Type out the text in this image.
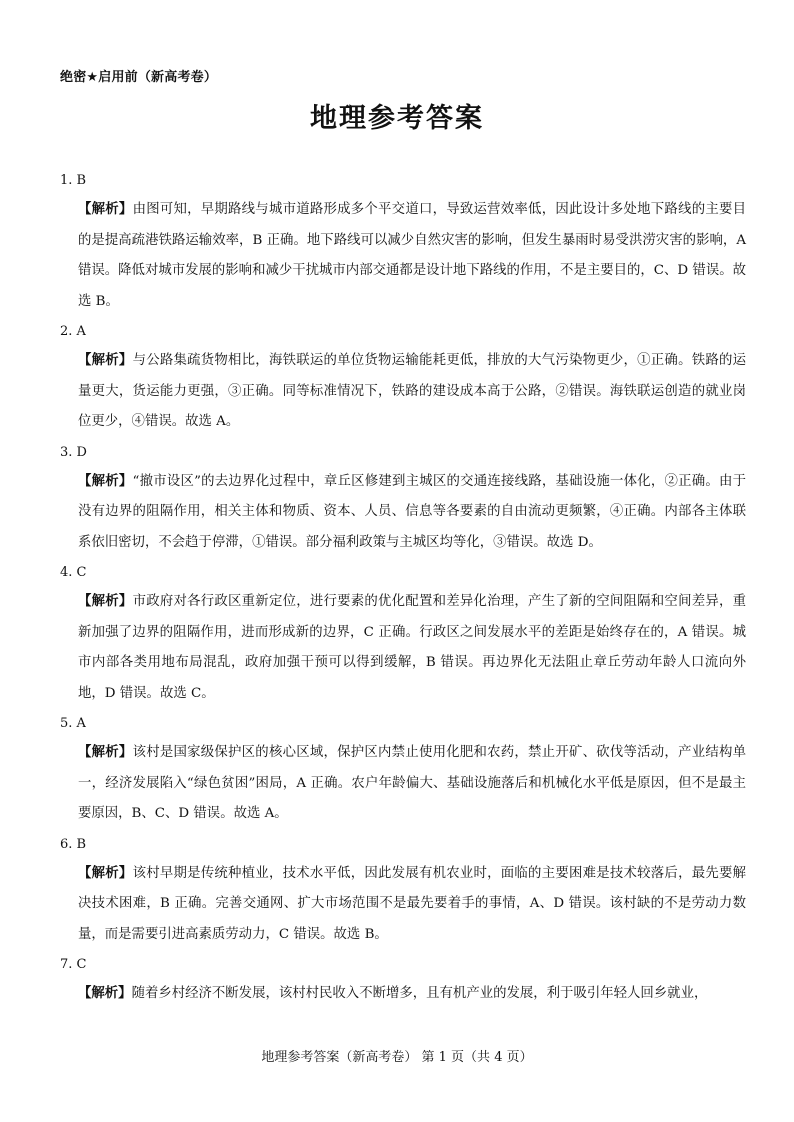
绝密★启用前（新高考卷）
地理参考答案
1. B
【解析】由图可知，早期路线与城市道路形成多个平交道口，导致运营效率低，因此设计多处地下路线的主要目的是提高疏港铁路运输效率，B 正确。地下路线可以减少自然灾害的影响，但发生暴雨时易受洪涝灾害的影响，A 错误。降低对城市发展的影响和减少干扰城市内部交通都是设计地下路线的作用，不是主要目的，C、D 错误。故选 B。
2. A
【解析】与公路集疏货物相比，海铁联运的单位货物运输能耗更低，排放的大气污染物更少，①正确。铁路的运量更大，货运能力更强，③正确。同等标准情况下，铁路的建设成本高于公路，②错误。海铁联运创造的就业岗位更少，④错误。故选 A。
3. D
【解析】“撤市设区”的去边界化过程中，章丘区修建到主城区的交通连接线路，基础设施一体化，②正确。由于没有边界的阻隔作用，相关主体和物质、资本、人员、信息等各要素的自由流动更频繁，④正确。内部各主体联系依旧密切，不会趋于停滞，①错误。部分福利政策与主城区均等化，③错误。故选 D。
4. C
【解析】市政府对各行政区重新定位，进行要素的优化配置和差异化治理，产生了新的空间阻隔和空间差异，重新加强了边界的阻隔作用，进而形成新的边界，C 正确。行政区之间发展水平的差距是始终存在的，A 错误。城市内部各类用地布局混乱，政府加强干预可以得到缓解，B 错误。再边界化无法阻止章丘劳动年龄人口流向外地，D 错误。故选 C。
5. A
【解析】该村是国家级保护区的核心区域，保护区内禁止使用化肥和农药，禁止开矿、砍伐等活动，产业结构单一，经济发展陷入“绿色贫困”困局，A 正确。农户年龄偏大、基础设施落后和机械化水平低是原因，但不是最主要原因，B、C、D 错误。故选 A。
6. B
【解析】该村早期是传统种植业，技术水平低，因此发展有机农业时，面临的主要困难是技术较落后，最先要解决技术困难，B 正确。完善交通网、扩大市场范围不是最先要着手的事情，A、D 错误。该村缺的不是劳动力数量，而是需要引进高素质劳动力，C 错误。故选 B。
7. C
【解析】随着乡村经济不断发展，该村村民收入不断增多，且有机产业的发展，利于吸引年轻人回乡就业，
地理参考答案（新高考卷） 第 1 页（共 4 页）
